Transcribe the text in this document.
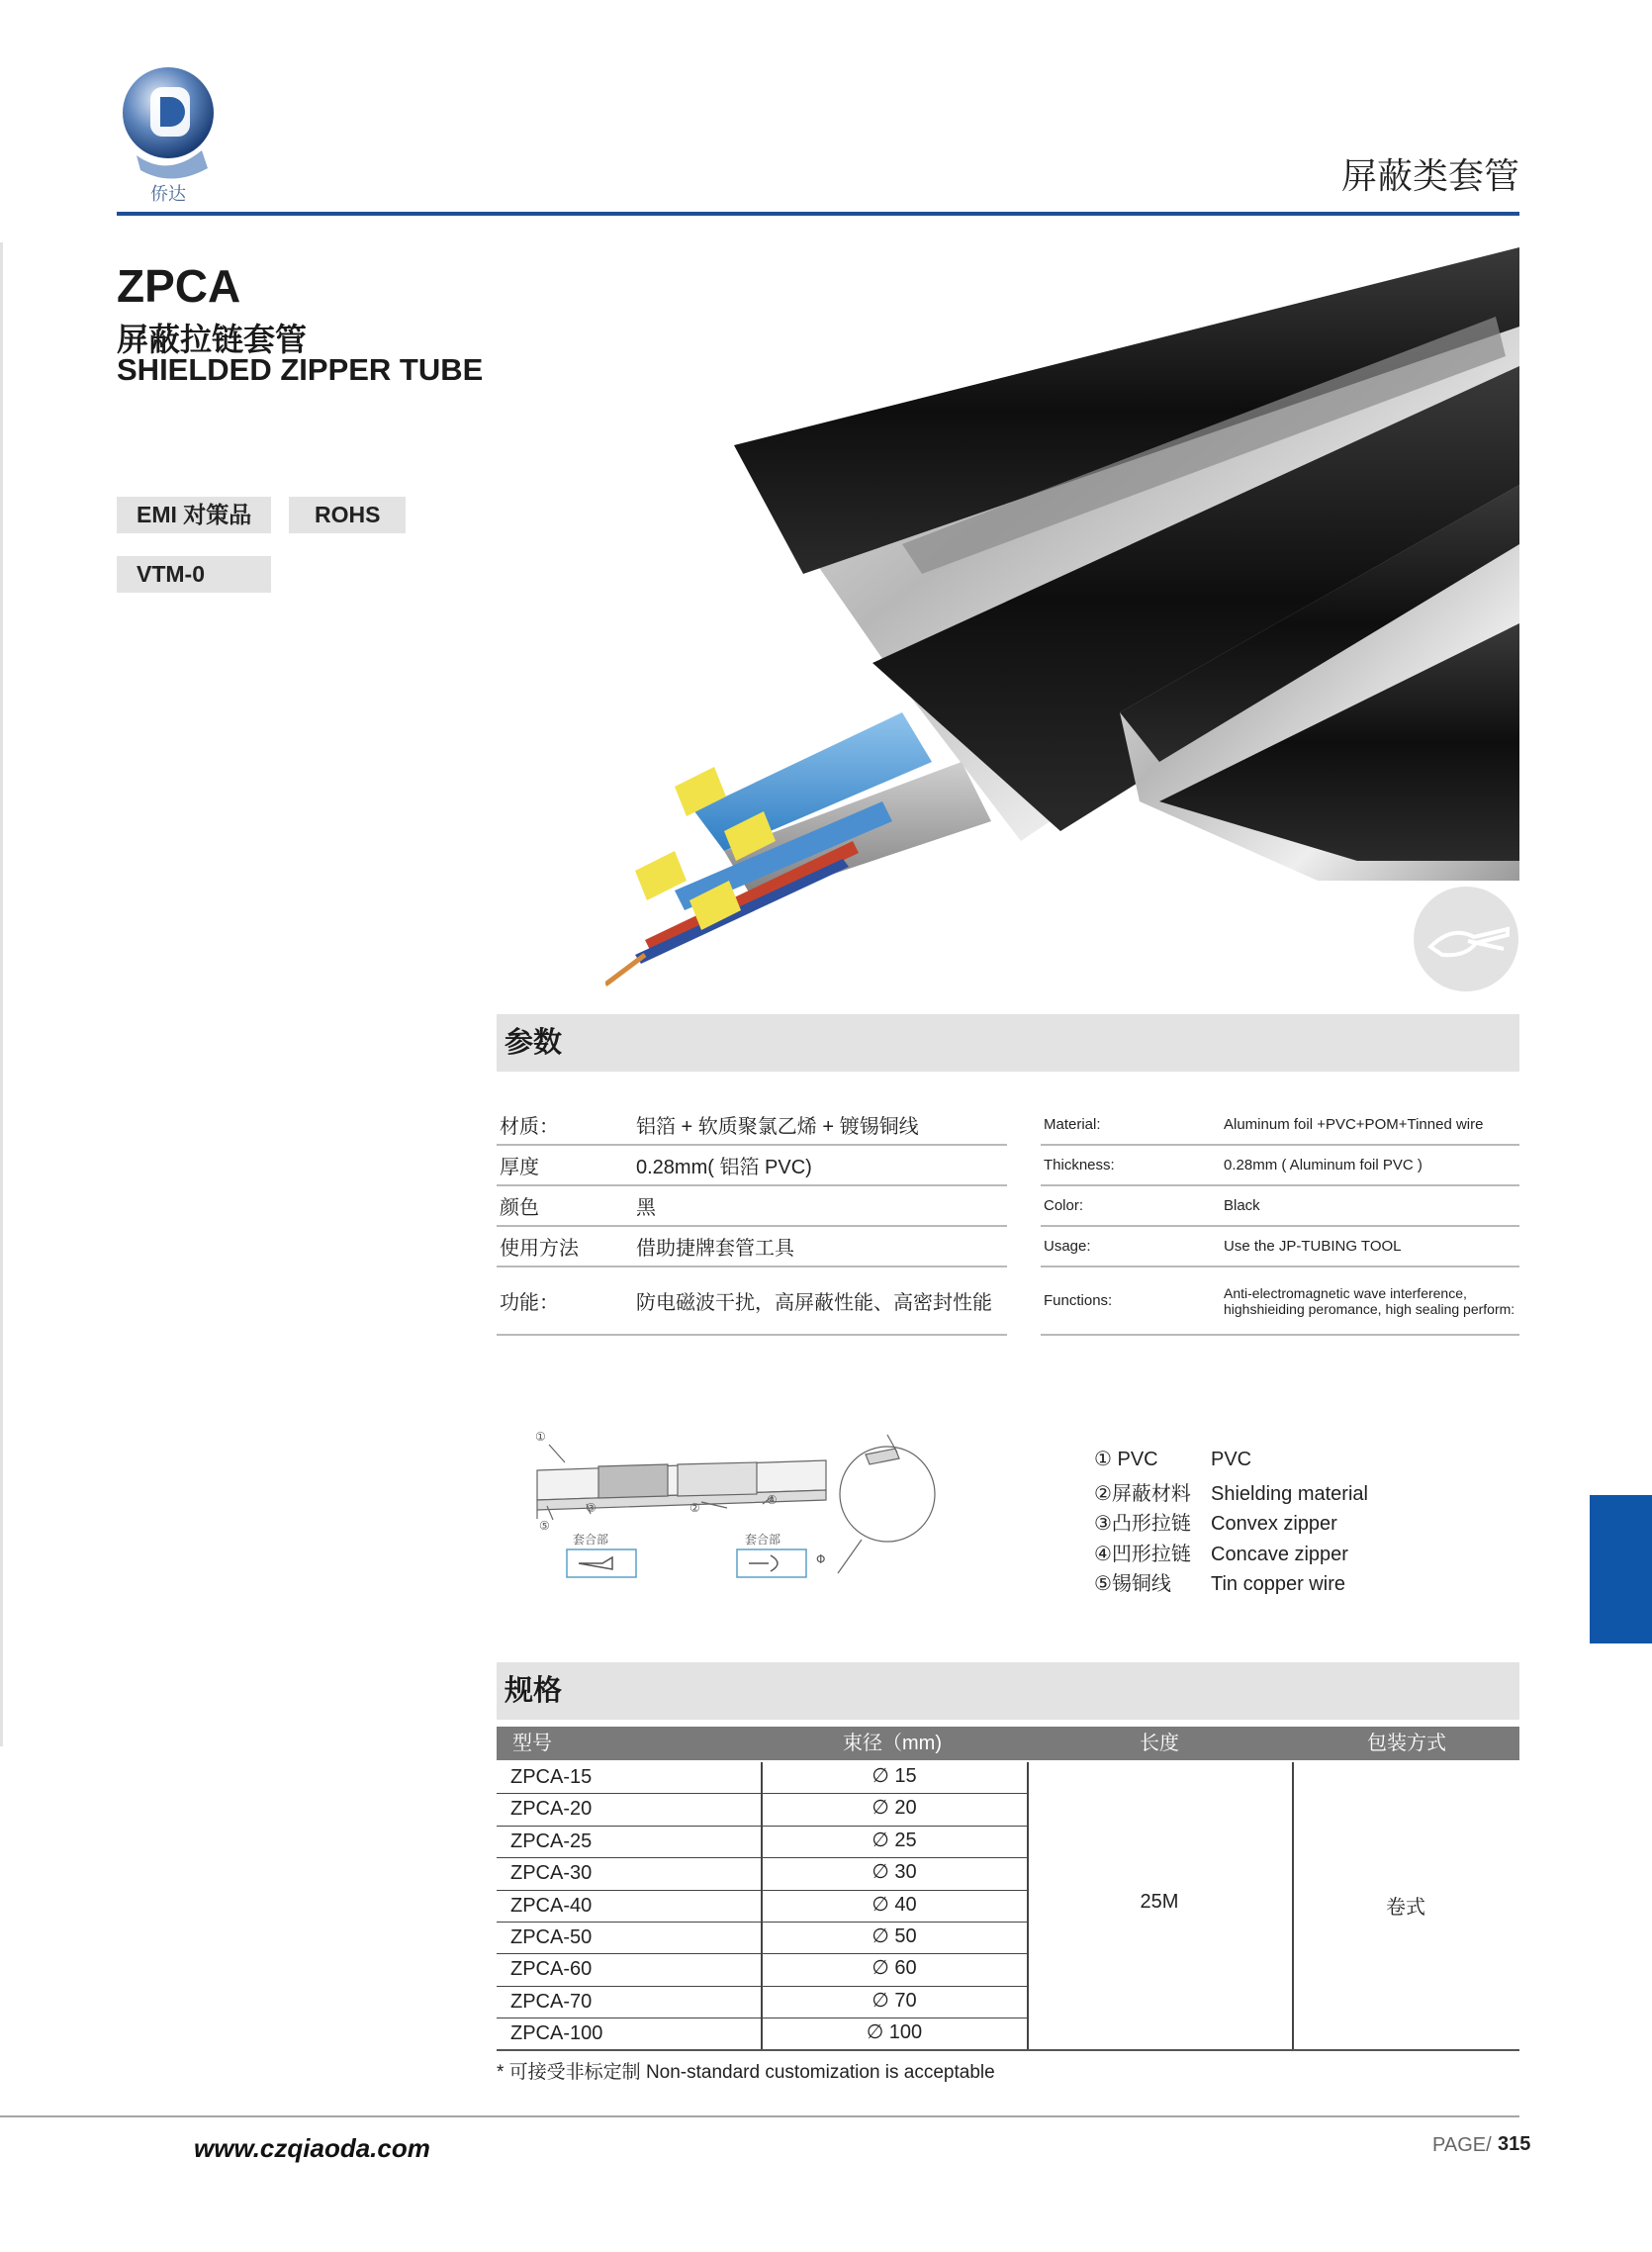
侨达	屏蔽类套管
ZPCA
屏蔽拉链套管
SHIELDED ZIPPER TUBE
EMI 对策品	ROHS
VTM-0
参数
材质：	铝箔 + 软质聚氯乙烯 + 镀锡铜线
厚度	0.28mm( 铝箔 PVC)
颜色	黑
使用方法	借助捷牌套管工具
功能：	防电磁波干扰，高屏蔽性能、高密封性能
Material:	Aluminum foil +PVC+POM+Tinned wire
Thickness:	0.28mm ( Aluminum foil PVC )
Color:	Black
Usage:	Use the JP-TUBING TOOL
Functions:	Anti-electromagnetic wave interference, highshieiding peromance, high sealing perform:
①
②
③
④
⑤
套合部	套合部
Φ
① PVC	PVC
②屏蔽材料 Shielding material
③凸形拉链 Convex zipper
④凹形拉链 Concave zipper
⑤锡铜线 Tin copper wire
规格
型号	束径（mm)	长度	包装方式
ZPCA-15	∅ 15
ZPCA-20	∅ 20
ZPCA-25	∅ 25
ZPCA-30	∅ 30
ZPCA-40	∅ 40
ZPCA-50	∅ 50
ZPCA-60	∅ 60
ZPCA-70	∅ 70
ZPCA-100	∅ 100
25M	卷式
* 可接受非标定制 Non-standard customization is acceptable
www.czqiaoda.com	PAGE/ 315
